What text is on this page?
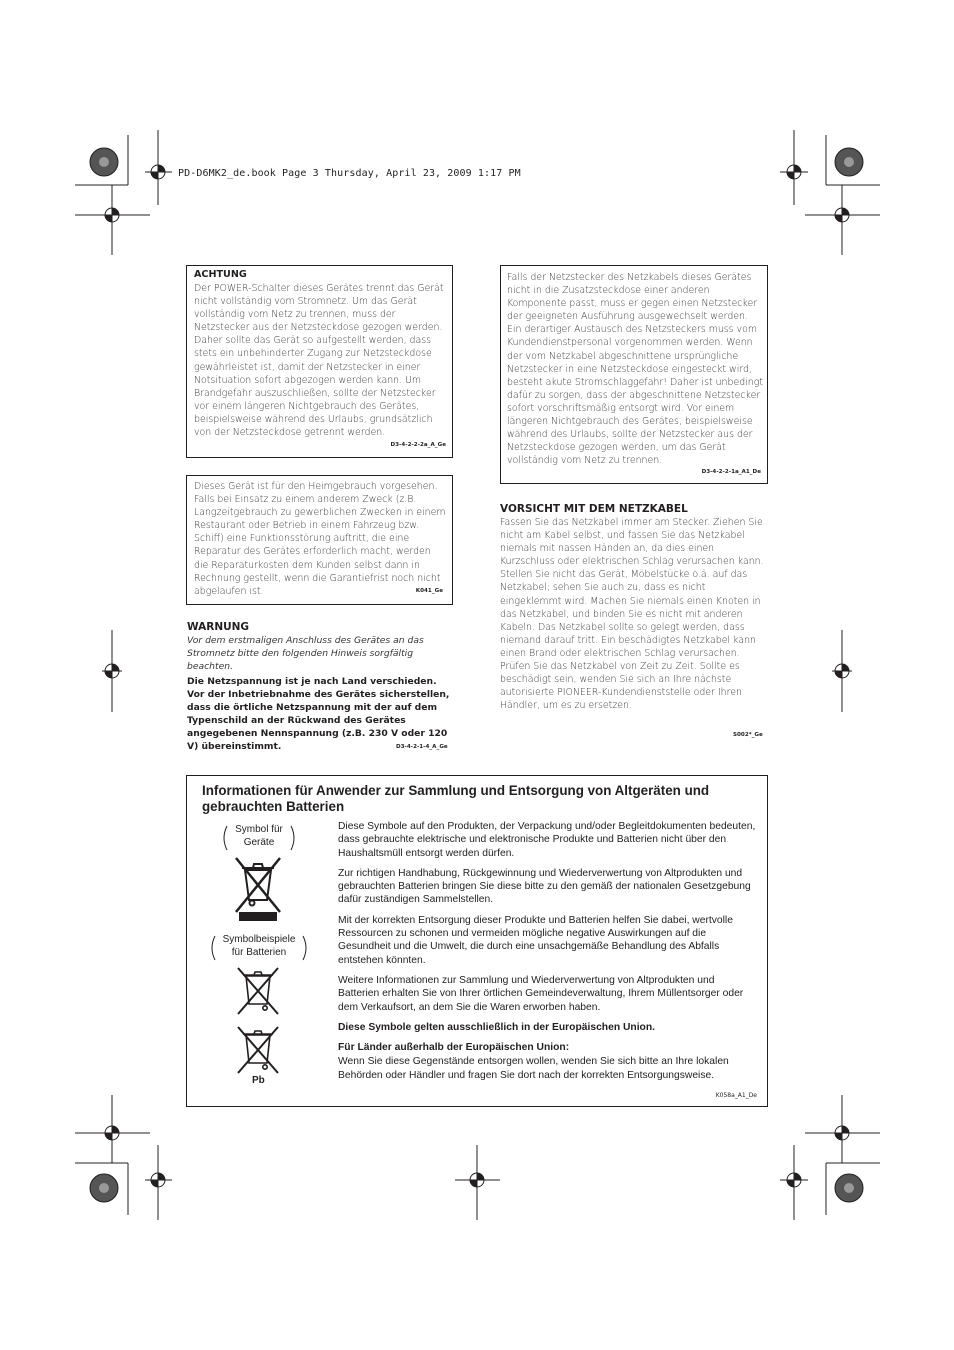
PD-D6MK2_de.book Page 3 Thursday, April 23, 2009 1:17 PM
ACHTUNG
Der POWER-Schalter dieses Gerätes trennt das Gerät nicht vollständig vom Stromnetz. Um das Gerät vollständig vom Netz zu trennen, muss der Netzstecker aus der Netzsteckdose gezogen werden. Daher sollte das Gerät so aufgestellt werden, dass stets ein unbehinderter Zugang zur Netzsteckdose gewährleistet ist, damit der Netzstecker in einer Notsituation sofort abgezogen werden kann. Um Brandgefahr auszuschließen, sollte der Netzstecker vor einem längeren Nichtgebrauch des Gerätes, beispielsweise während des Urlaubs, grundsätzlich von der Netzsteckdose getrennt werden.
D3-4-2-2-2a_A_Ge
Dieses Gerät ist für den Heimgebrauch vorgesehen. Falls bei Einsatz zu einem anderem Zweck (z.B. Langzeitgebrauch zu gewerblichen Zwecken in einem Restaurant oder Betrieb in einem Fahrzeug bzw. Schiff) eine Funktionsstörung auftritt, die eine Reparatur des Gerätes erforderlich macht, werden die Reparaturkosten dem Kunden selbst dann in Rechnung gestellt, wenn die Garantiefrist noch nicht abgelaufen ist.	K041_Ge
WARNUNG
Vor dem erstmaligen Anschluss des Gerätes an das Stromnetz bitte den folgenden Hinweis sorgfältig beachten.
Die Netzspannung ist je nach Land verschieden. Vor der Inbetriebnahme des Gerätes sicherstellen, dass die örtliche Netzspannung mit der auf dem Typenschild an der Rückwand des Gerätes angegebenen Nennspannung (z.B. 230 V oder 120 V) übereinstimmt.	D3-4-2-1-4_A_Ge
Falls der Netzstecker des Netzkabels dieses Gerätes nicht in die Zusatzsteckdose einer anderen Komponente passt, muss er gegen einen Netzstecker der geeigneten Ausführung ausgewechselt werden. Ein derartiger Austausch des Netzsteckers muss vom Kundendienstpersonal vorgenommen werden. Wenn der vom Netzkabel abgeschnittene ursprüngliche Netzstecker in eine Netzsteckdose eingesteckt wird, besteht akute Stromschlaggefahr! Daher ist unbedingt dafür zu sorgen, dass der abgeschnittene Netzstecker sofort vorschriftsmäßig entsorgt wird. Vor einem längeren Nichtgebrauch des Gerätes, beispielsweise während des Urlaubs, sollte der Netzstecker aus der Netzsteckdose gezogen werden, um das Gerät vollständig vom Netz zu trennen.
D3-4-2-2-1a_A1_De
VORSICHT MIT DEM NETZKABEL
Fassen Sie das Netzkabel immer am Stecker. Ziehen Sie nicht am Kabel selbst, und fassen Sie das Netzkabel niemals mit nassen Händen an, da dies einen Kurzschluss oder elektrischen Schlag verursachen kann. Stellen Sie nicht das Gerät, Möbelstücke o.ä. auf das Netzkabel; sehen Sie auch zu, dass es nicht eingeklemmt wird. Machen Sie niemals einen Knoten in das Netzkabel, und binden Sie es nicht mit anderen Kabeln. Das Netzkabel sollte so gelegt werden, dass niemand darauf tritt. Ein beschädigtes Netzkabel kann einen Brand oder elektrischen Schlag verursachen. Prüfen Sie das Netzkabel von Zeit zu Zeit. Sollte es beschädigt sein, wenden Sie sich an Ihre nächste autorisierte PIONEER-Kundendienststelle oder Ihren Händler, um es zu ersetzen.
S002*_Ge
Informationen für Anwender zur Sammlung und Entsorgung von Altgeräten und gebrauchten Batterien
Symbol für Geräte
Symbolbeispiele für Batterien
Pb

Diese Symbole auf den Produkten, der Verpackung und/oder Begleitdokumenten bedeuten, dass gebrauchte elektrische und elektronische Produkte und Batterien nicht über den Haushaltsmüll entsorgt werden dürfen.

Zur richtigen Handhabung, Rückgewinnung und Wiederverwertung von Altprodukten und gebrauchten Batterien bringen Sie diese bitte zu den gemäß der nationalen Gesetzgebung dafür zuständigen Sammelstellen.

Mit der korrekten Entsorgung dieser Produkte und Batterien helfen Sie dabei, wertvolle Ressourcen zu schonen und vermeiden mögliche negative Auswirkungen auf die Gesundheit und die Umwelt, die durch eine unsachgemäße Behandlung des Abfalls entstehen könnten.

Weitere Informationen zur Sammlung und Wiederverwertung von Altprodukten und Batterien erhalten Sie von Ihrer örtlichen Gemeindeverwaltung, Ihrem Müllentsorger oder dem Verkaufsort, an dem Sie die Waren erworben haben.

Diese Symbole gelten ausschließlich in der Europäischen Union.

Für Länder außerhalb der Europäischen Union:

Wenn Sie diese Gegenstände entsorgen wollen, wenden Sie sich bitte an Ihre lokalen Behörden oder Händler und fragen Sie dort nach der korrekten Entsorgungsweise.

K058a_A1_De
